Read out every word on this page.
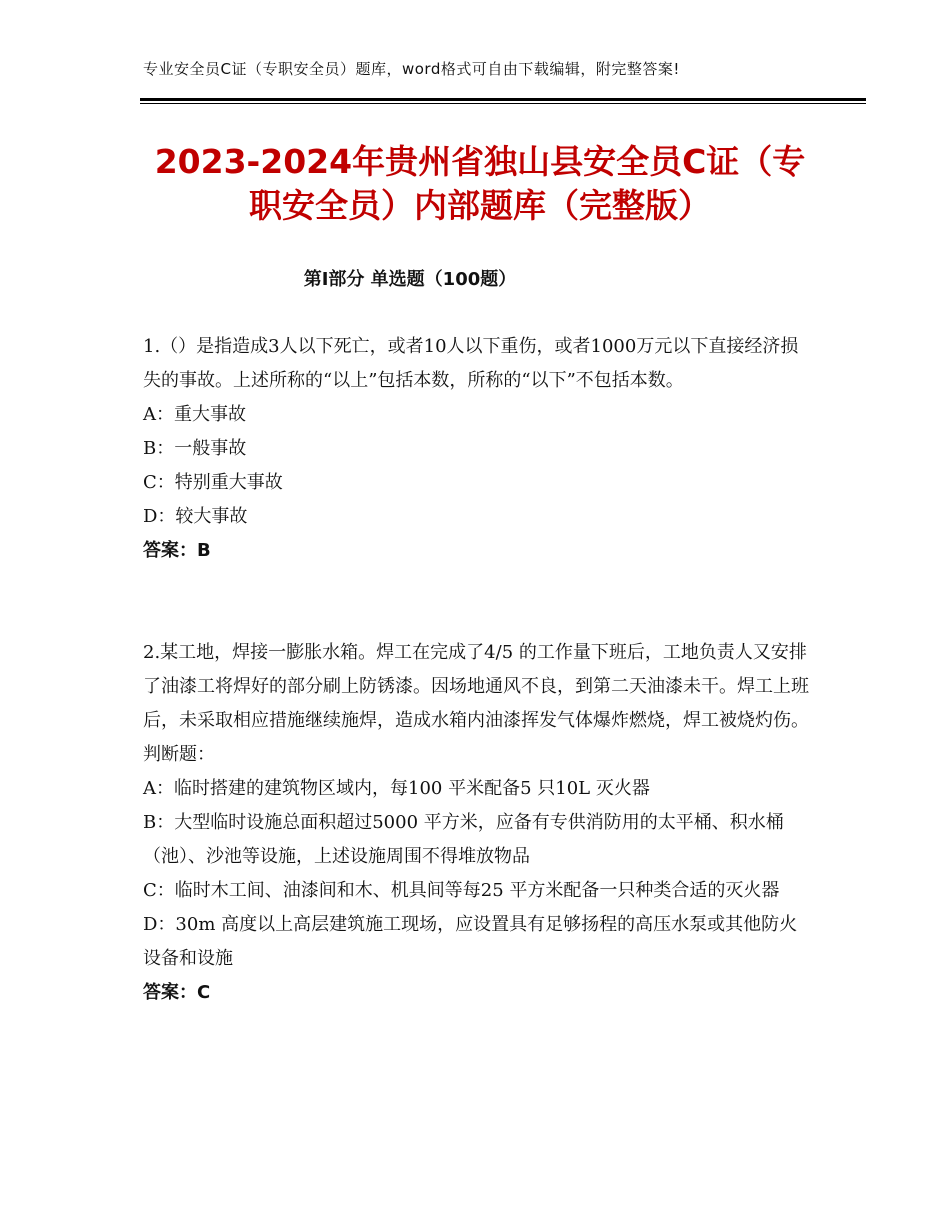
专业安全员C证（专职安全员）题库，word格式可自由下载编辑，附完整答案!
2023-2024年贵州省独山县安全员C证（专职安全员）内部题库（完整版）
第Ⅰ部分 单选题（100题）

1.（）是指造成3人以下死亡，或者10人以下重伤，或者1000万元以下直接经济损失的事故。上述所称的“以上”包括本数，所称的“以下”不包括本数。

A：重大事故

B：一般事故

C：特别重大事故

D：较大事故

答案：B

2.某工地，焊接一膨胀水箱。焊工在完成了4/5 的工作量下班后，工地负责人又安排了油漆工将焊好的部分刷上防锈漆。因场地通风不良，到第二天油漆未干。焊工上班后，未采取相应措施继续施焊，造成水箱内油漆挥发气体爆炸燃烧，焊工被烧灼伤。判断题：

A：临时搭建的建筑物区域内，每100 平米配备5 只10L 灭火器

B：大型临时设施总面积超过5000 平方米，应备有专供消防用的太平桶、积水桶（池）、沙池等设施，上述设施周围不得堆放物品

C：临时木工间、油漆间和木、机具间等每25 平方米配备一只种类合适的灭火器

D：30m 高度以上高层建筑施工现场，应设置具有足够扬程的高压水泵或其他防火设备和设施

答案：C
